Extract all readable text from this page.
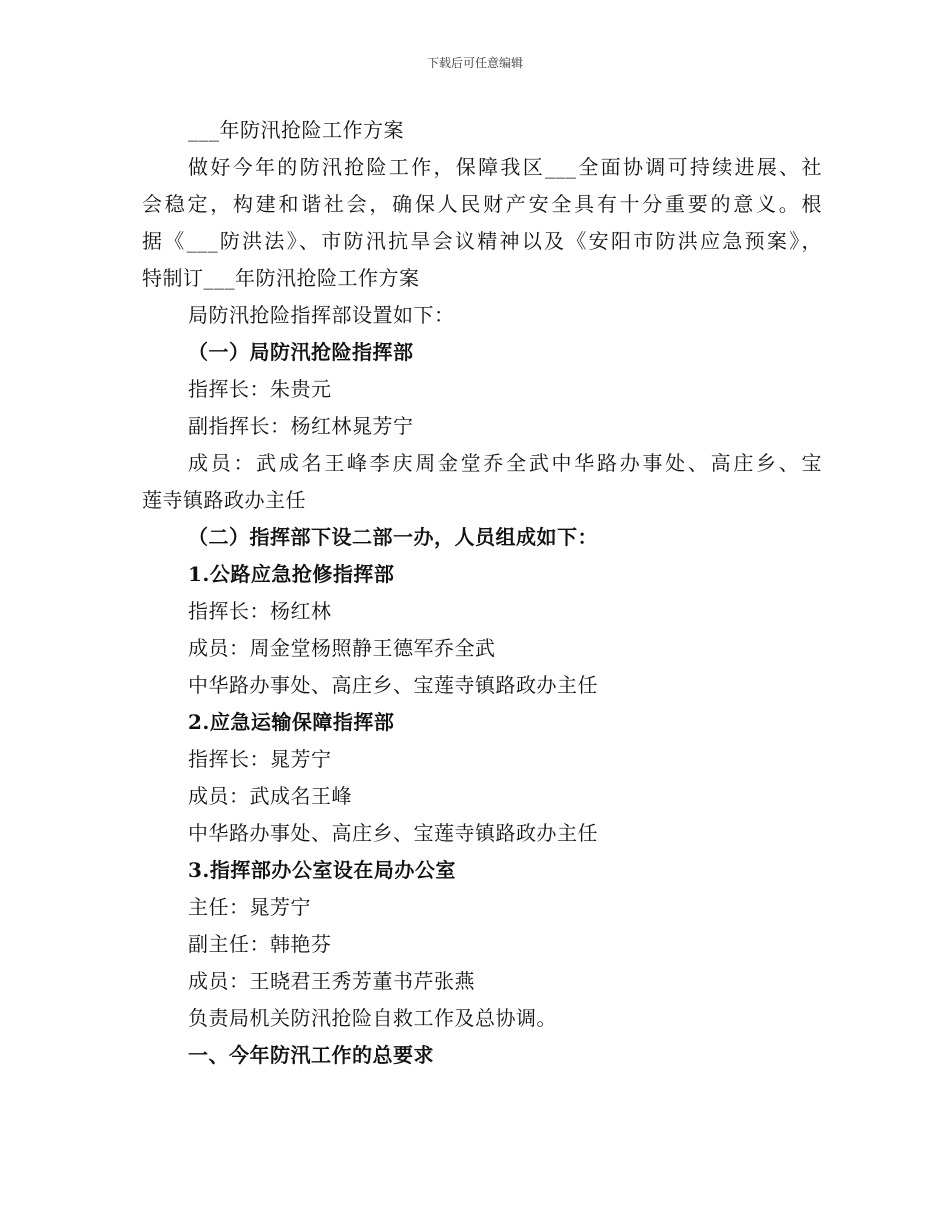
下载后可任意编辑
___年防汛抢险工作方案
做好今年的防汛抢险工作，保障我区___全面协调可持续进展、社
会稳定，构建和谐社会，确保人民财产安全具有十分重要的意义。根
据《___防洪法》、市防汛抗旱会议精神以及《安阳市防洪应急预案》，
特制订___年防汛抢险工作方案
局防汛抢险指挥部设置如下：
（一）局防汛抢险指挥部
指挥长：朱贵元
副指挥长：杨红林晁芳宁
成员：武成名王峰李庆周金堂乔全武中华路办事处、高庄乡、宝
莲寺镇路政办主任
（二）指挥部下设二部一办，人员组成如下：
1.公路应急抢修指挥部
指挥长：杨红林
成员：周金堂杨照静王德军乔全武
中华路办事处、高庄乡、宝莲寺镇路政办主任
2.应急运输保障指挥部
指挥长：晁芳宁
成员：武成名王峰
中华路办事处、高庄乡、宝莲寺镇路政办主任
3.指挥部办公室设在局办公室
主任：晁芳宁
副主任：韩艳芬
成员：王晓君王秀芳董书芹张燕
负责局机关防汛抢险自救工作及总协调。
一、今年防汛工作的总要求
